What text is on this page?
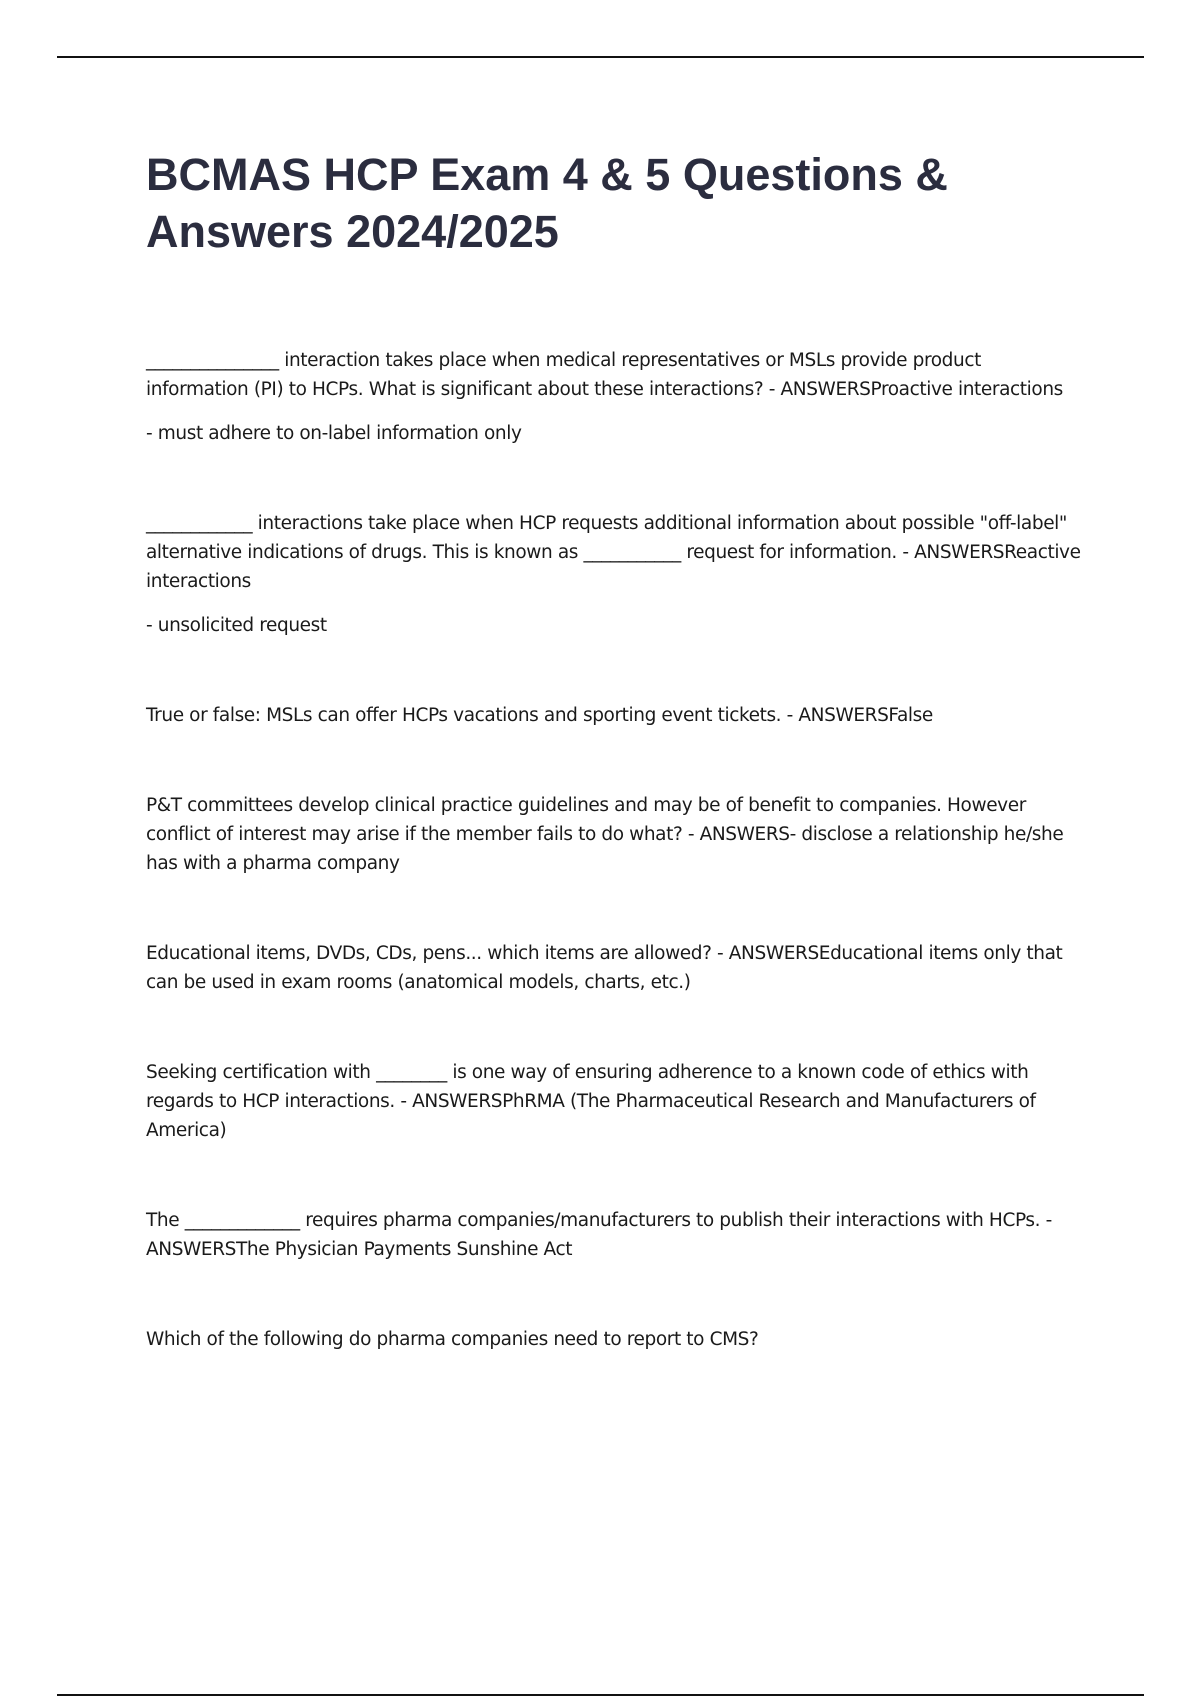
BCMAS HCP Exam 4 & 5 Questions & Answers 2024/2025

_______________ interaction takes place when medical representatives or MSLs provide product information (PI) to HCPs. What is significant about these interactions? - ANSWERSProactive interactions

- must adhere to on-label information only

____________ interactions take place when HCP requests additional information about possible "off-label" alternative indications of drugs. This is known as ___________ request for information. - ANSWERSReactive interactions

- unsolicited request

True or false: MSLs can offer HCPs vacations and sporting event tickets. - ANSWERSFalse

P&T committees develop clinical practice guidelines and may be of benefit to companies. However conflict of interest may arise if the member fails to do what? - ANSWERS- disclose a relationship he/she has with a pharma company

Educational items, DVDs, CDs, pens... which items are allowed? - ANSWERSEducational items only that can be used in exam rooms (anatomical models, charts, etc.)

Seeking certification with ________ is one way of ensuring adherence to a known code of ethics with regards to HCP interactions. - ANSWERSPhRMA (The Pharmaceutical Research and Manufacturers of America)

The _____________ requires pharma companies/manufacturers to publish their interactions with HCPs. - ANSWERSThe Physician Payments Sunshine Act

Which of the following do pharma companies need to report to CMS?
